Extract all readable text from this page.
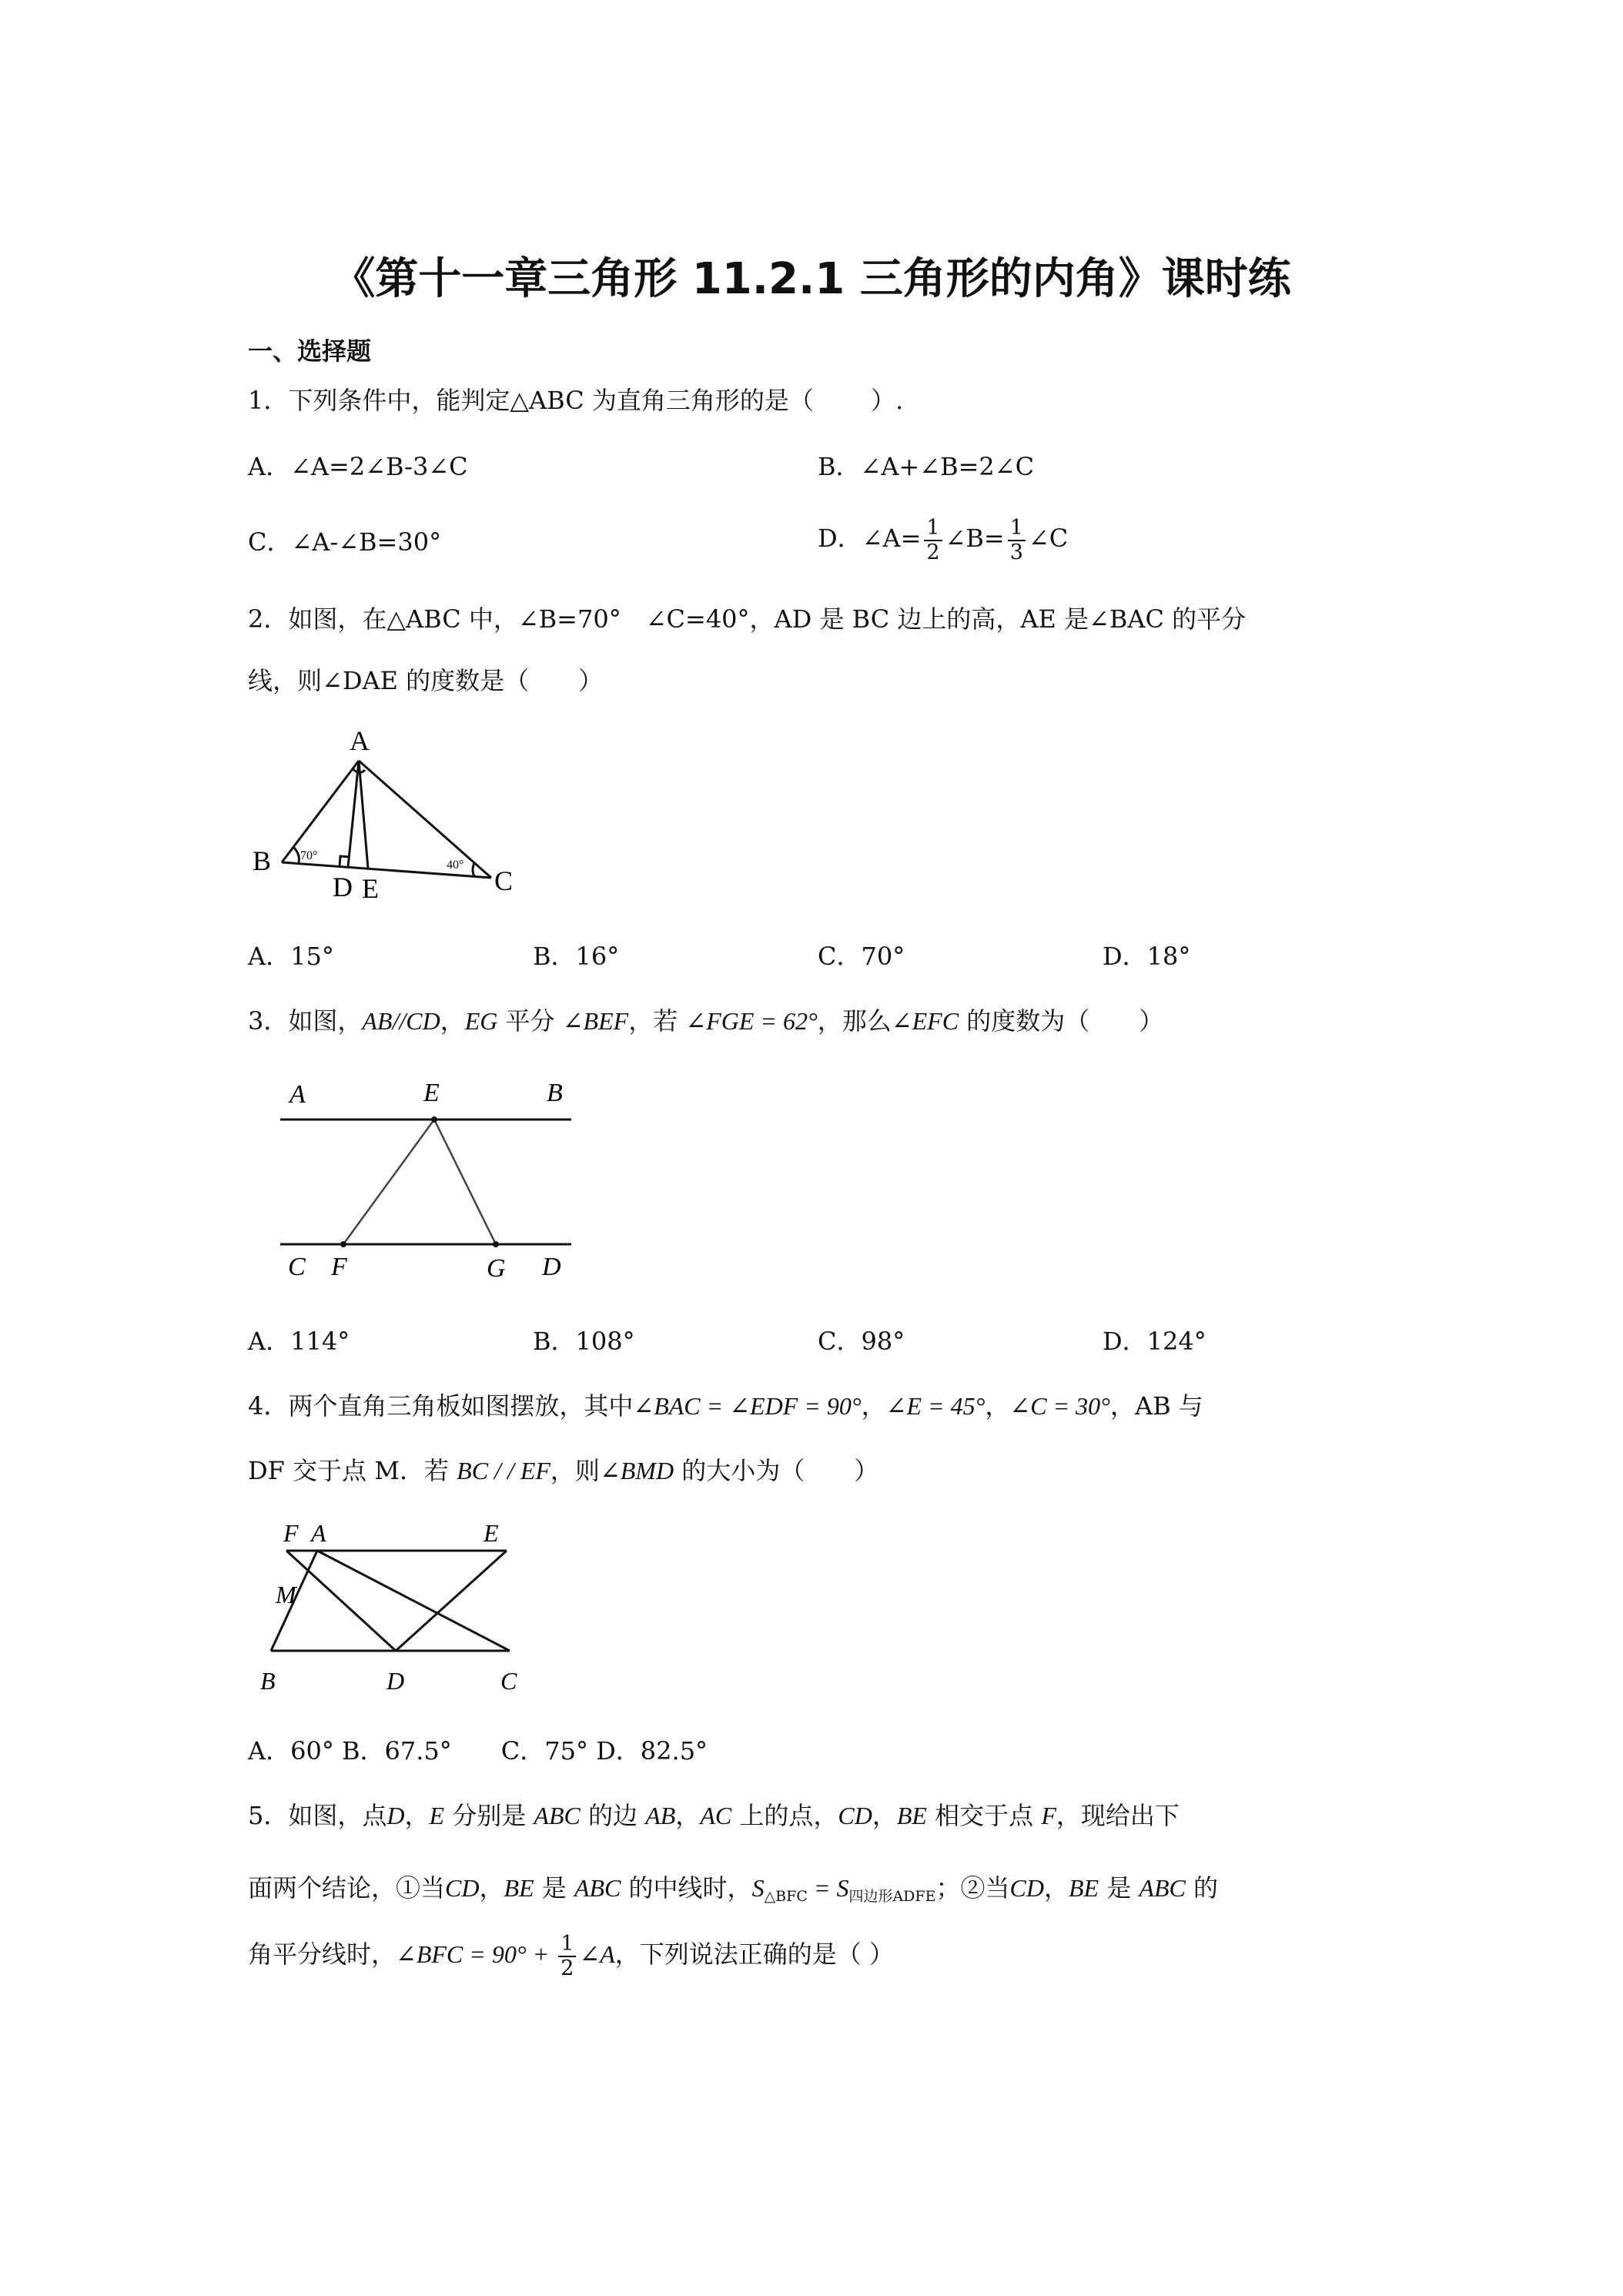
《第十一章三角形 11.2.1 三角形的内角》课时练
一、选择题
1．下列条件中，能判定△ABC 为直角三角形的是（　　 ）.
A．∠A=2∠B-3∠C	B．∠A+∠B=2∠C
C．∠A-∠B=30°	D．∠A= $\frac{1}{2}$ ∠B= $\frac{1}{3}$ ∠C
2．如图，在△ABC 中，∠B=70°　∠C=40°，AD 是 BC 边上的高，AE 是∠BAC 的平分
线，则∠DAE 的度数是（　　）
A
B
C
D E
70°
40°
A．15°	B．16°	C．70°	D．18°
3．如图，AB//CD，EG 平分 ∠BEF，若 ∠FGE = 62°，那么∠EFC 的度数为（　　）
A	E	B
C F	G D
A．114°	B．108°	C．98°	D．124°
4．两个直角三角板如图摆放，其中∠BAC = ∠EDF = 90°，∠E = 45°，∠C = 30°，AB 与
DF 交于点 M．若 BC / / EF，则∠BMD 的大小为（　　）
F A	E
M
B	D	C
A．60° B．67.5°　　C．75° D．82.5°
5．如图，点D，E 分别是 ABC 的边 AB，AC 上的点，CD，BE 相交于点 F，现给出下
面两个结论，①当CD，BE 是 ABC 的中线时，$S_{\triangle BFC} = S_{四边形ADFE}$；②当CD，BE 是 ABC 的
角平分线时，∠BFC = $90^\circ + \frac{1}{2}$ ∠A，下列说法正确的是（ ）
